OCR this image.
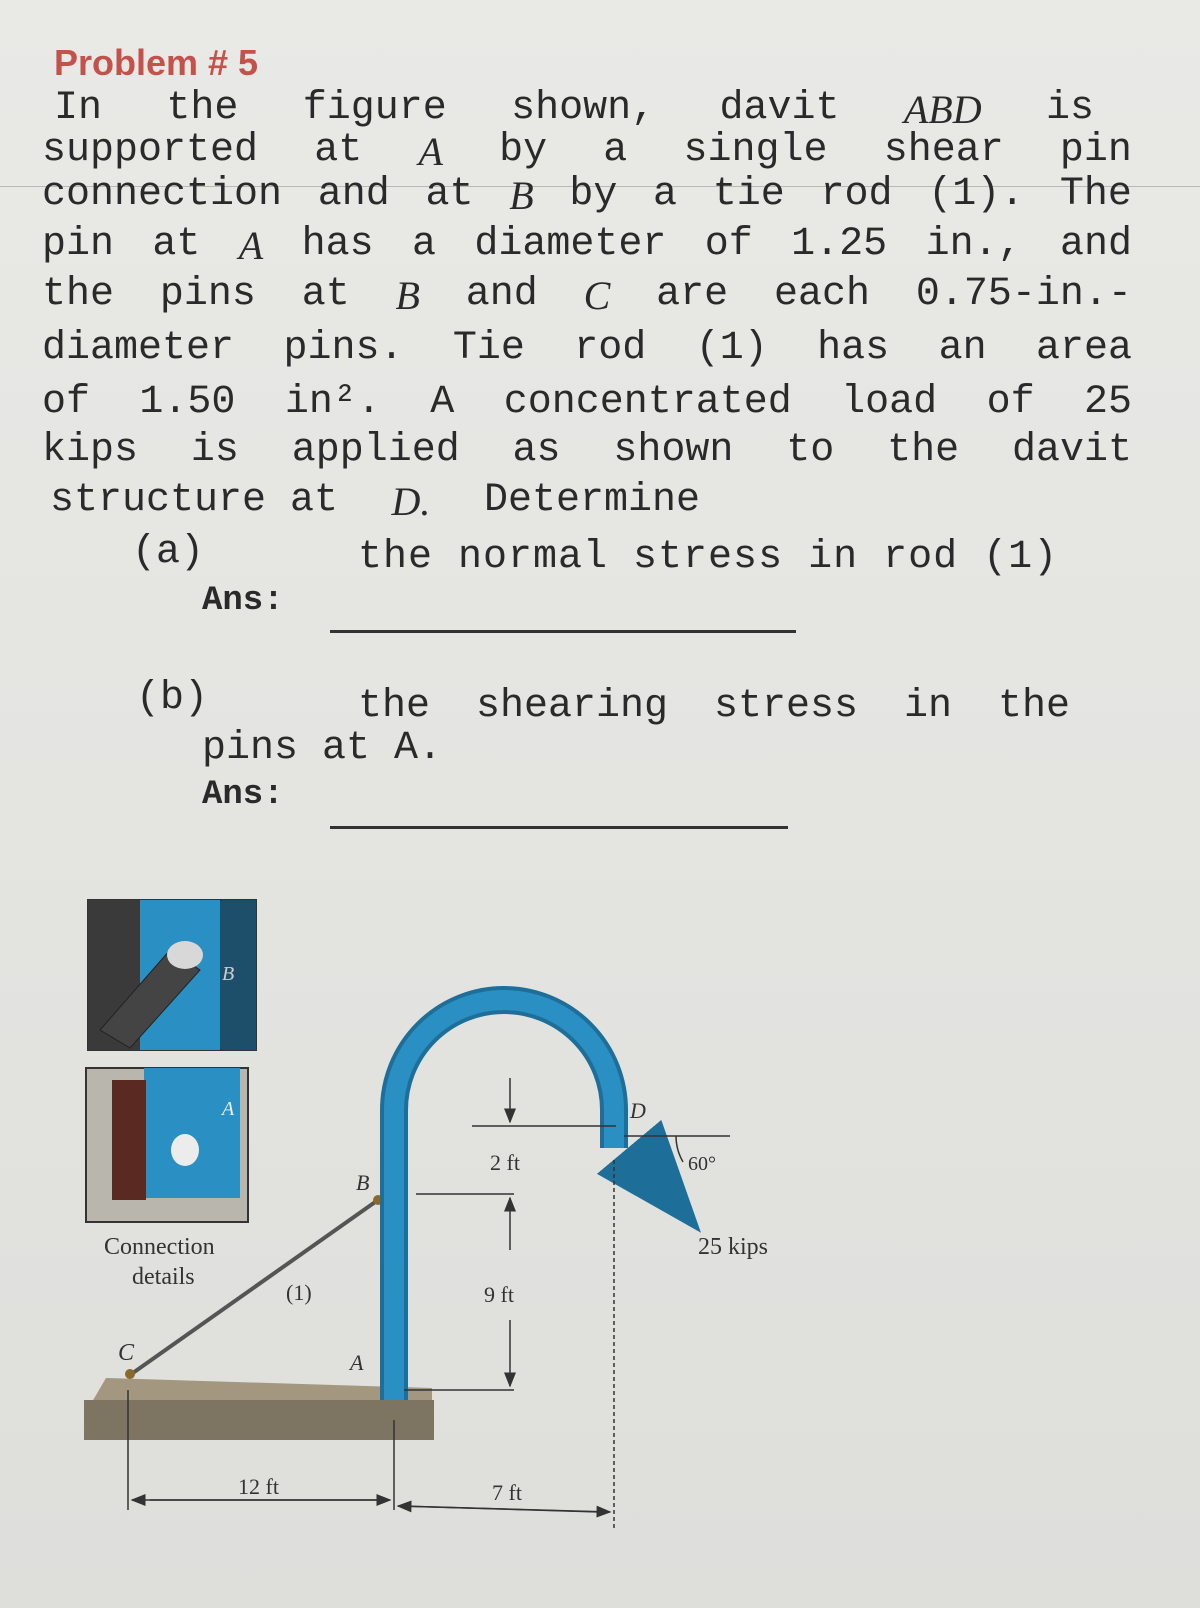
Problem # 5
In the figure shown, davit ABD is
supported at A by a single shear pin
connection and at B by a tie rod (1). The
pin at A has a diameter of 1.25 in., and
the pins at B and C are each 0.75-in.-
diameter pins. Tie rod (1) has an area
of 1.50 in². A concentrated load of 25
kips is applied as shown to the davit
structure at D. Determine
(a)	the normal stress in rod (1)
Ans:
(b)	the shearing stress in the
pins at A.
Ans:
B
A
Connection
details
C
(1)
B
A
D
60°
25 kips
2 ft
9 ft
12 ft	7 ft
